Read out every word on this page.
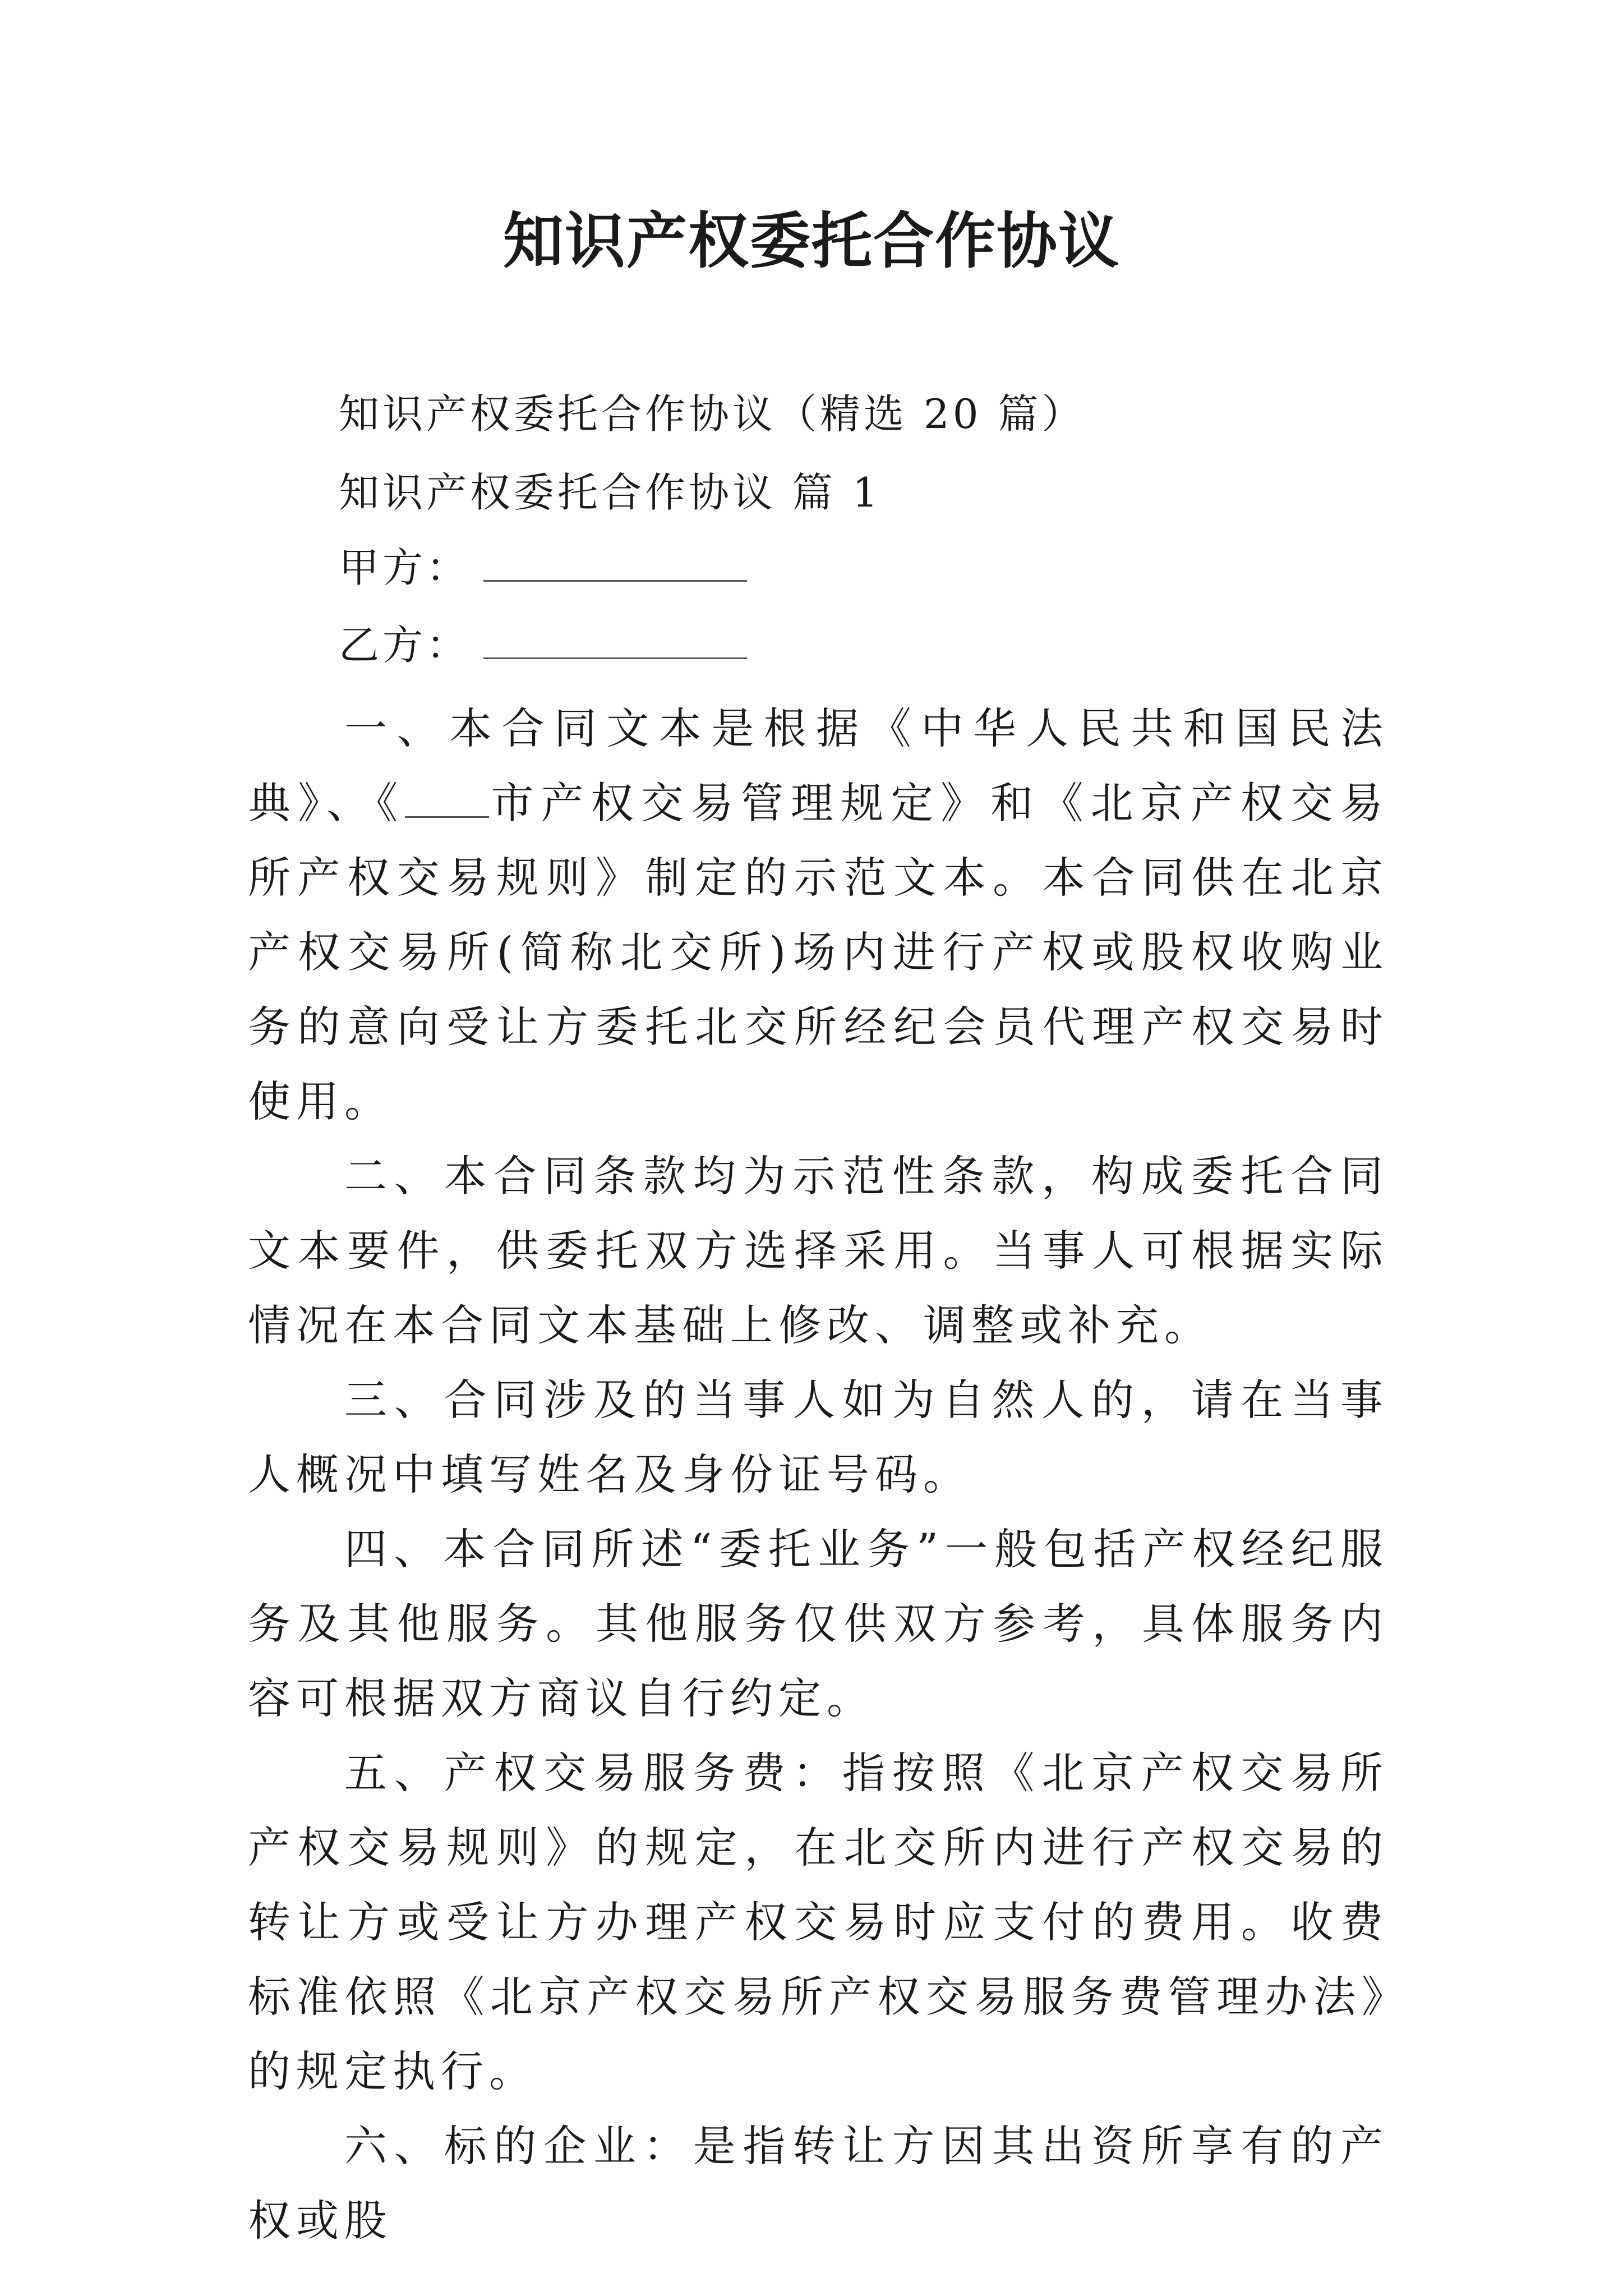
知识产权委托合作协议
知识产权委托合作协议（精选 20 篇）
知识产权委托合作协议 篇 1
甲方：
乙方：

一、本合同文本是根据《中华人民共和国民法典》、《 市产权交易管理规定》和《北京产权交易所产权交易规则》制定的示范文本。本合同供在北京产权交易所(简称北交所)场内进行产权或股权收购业务的意向受让方委托北交所经纪会员代理产权交易时使用。

二、本合同条款均为示范性条款，构成委托合同文本要件，供委托双方选择采用。当事人可根据实际情况在本合同文本基础上修改、调整或补充。

三、合同涉及的当事人如为自然人的，请在当事人概况中填写姓名及身份证号码。

四、本合同所述“委托业务”一般包括产权经纪服务及其他服务。其他服务仅供双方参考，具体服务内容可根据双方商议自行约定。

五、产权交易服务费：指按照《北京产权交易所产权交易规则》的规定，在北交所内进行产权交易的转让方或受让方办理产权交易时应支付的费用。收费标准依照《北京产权交易所产权交易服务费管理办法》的规定执行。

六、标的企业：是指转让方因其出资所享有的产权或股
